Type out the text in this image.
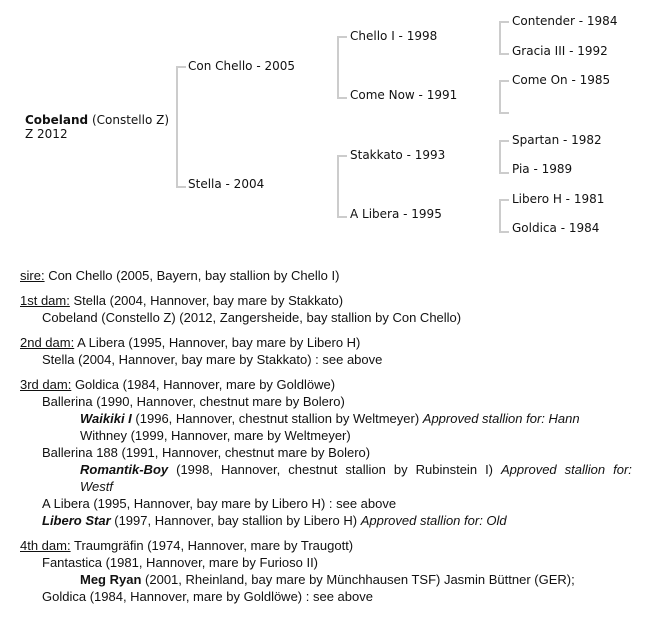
Cobeland (Constello Z)
Z 2012
Con Chello - 2005
Stella - 2004
Chello I - 1998
Come Now - 1991
Stakkato - 1993
A Libera - 1995
Contender - 1984
Gracia III - 1992
Come On - 1985
Spartan - 1982
Pia - 1989
Libero H - 1981
Goldica - 1984
sire: Con Chello (2005, Bayern, bay stallion by Chello I)
1st dam: Stella (2004, Hannover, bay mare by Stakkato)
Cobeland (Constello Z) (2012, Zangersheide, bay stallion by Con Chello)
2nd dam: A Libera (1995, Hannover, bay mare by Libero H)
Stella (2004, Hannover, bay mare by Stakkato) : see above
3rd dam: Goldica (1984, Hannover, mare by Goldlöwe)
Ballerina (1990, Hannover, chestnut mare by Bolero)
Waikiki I (1996, Hannover, chestnut stallion by Weltmeyer) Approved stallion for: Hann
Withney (1999, Hannover, mare by Weltmeyer)
Ballerina 188 (1991, Hannover, chestnut mare by Bolero)
Romantik-Boy (1998, Hannover, chestnut stallion by Rubinstein I) Approved stallion for:
Westf
A Libera (1995, Hannover, bay mare by Libero H) : see above
Libero Star (1997, Hannover, bay stallion by Libero H) Approved stallion for: Old
4th dam: Traumgräfin (1974, Hannover, mare by Traugott)
Fantastica (1981, Hannover, mare by Furioso II)
Meg Ryan (2001, Rheinland, bay mare by Münchhausen TSF) Jasmin Büttner (GER);
Goldica (1984, Hannover, mare by Goldlöwe) : see above
